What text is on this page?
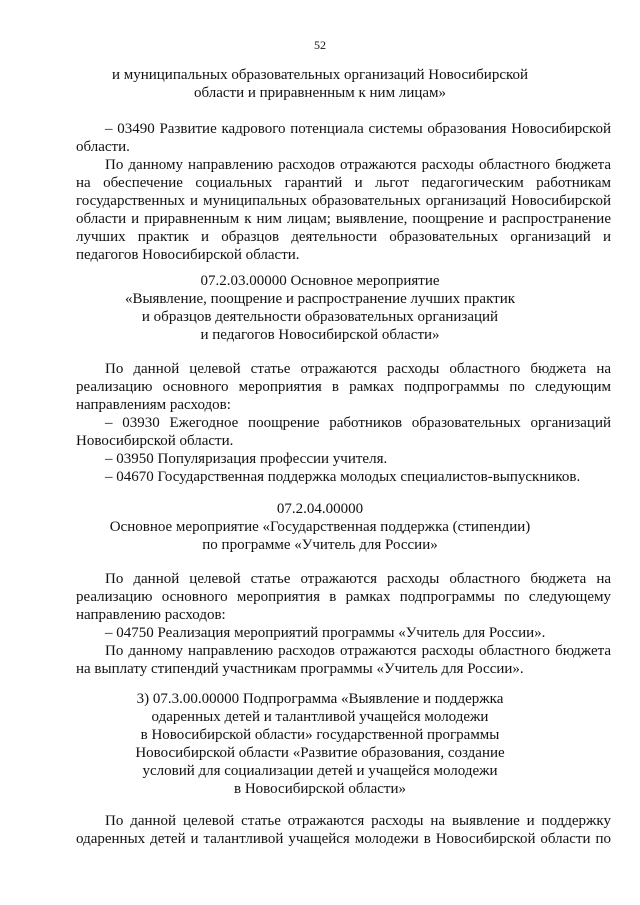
52
и муниципальных образовательных организаций Новосибирской
области и приравненным к ним лицам»
– 03490 Развитие кадрового потенциала системы образования Новосибирской
области.
По данному направлению расходов отражаются расходы областного бюджета
на обеспечение социальных гарантий и льгот педагогическим работникам
государственных и муниципальных образовательных организаций Новосибирской
области и приравненным к ним лицам; выявление, поощрение и распространение
лучших практик и образцов деятельности образовательных организаций и
педагогов Новосибирской области.
07.2.03.00000 Основное мероприятие
«Выявление, поощрение и распространение лучших практик
и образцов деятельности образовательных организаций
и педагогов Новосибирской области»
По данной целевой статье отражаются расходы областного бюджета на
реализацию основного мероприятия в рамках подпрограммы по следующим
направлениям расходов:
– 03930 Ежегодное поощрение работников образовательных организаций
Новосибирской области.
– 03950 Популяризация профессии учителя.
– 04670 Государственная поддержка молодых специалистов-выпускников.
07.2.04.00000
Основное мероприятие «Государственная поддержка (стипендии)
по программе «Учитель для России»
По данной целевой статье отражаются расходы областного бюджета на
реализацию основного мероприятия в рамках подпрограммы по следующему
направлению расходов:
– 04750 Реализация мероприятий программы «Учитель для России».
По данному направлению расходов отражаются расходы областного бюджета
на выплату стипендий участникам программы «Учитель для России».
3) 07.3.00.00000 Подпрограмма «Выявление и поддержка
одаренных детей и талантливой учащейся молодежи
в Новосибирской области» государственной программы
Новосибирской области «Развитие образования, создание
условий для социализации детей и учащейся молодежи
в Новосибирской области»
По данной целевой статье отражаются расходы на выявление и поддержку
одаренных детей и талантливой учащейся молодежи в Новосибирской области по
